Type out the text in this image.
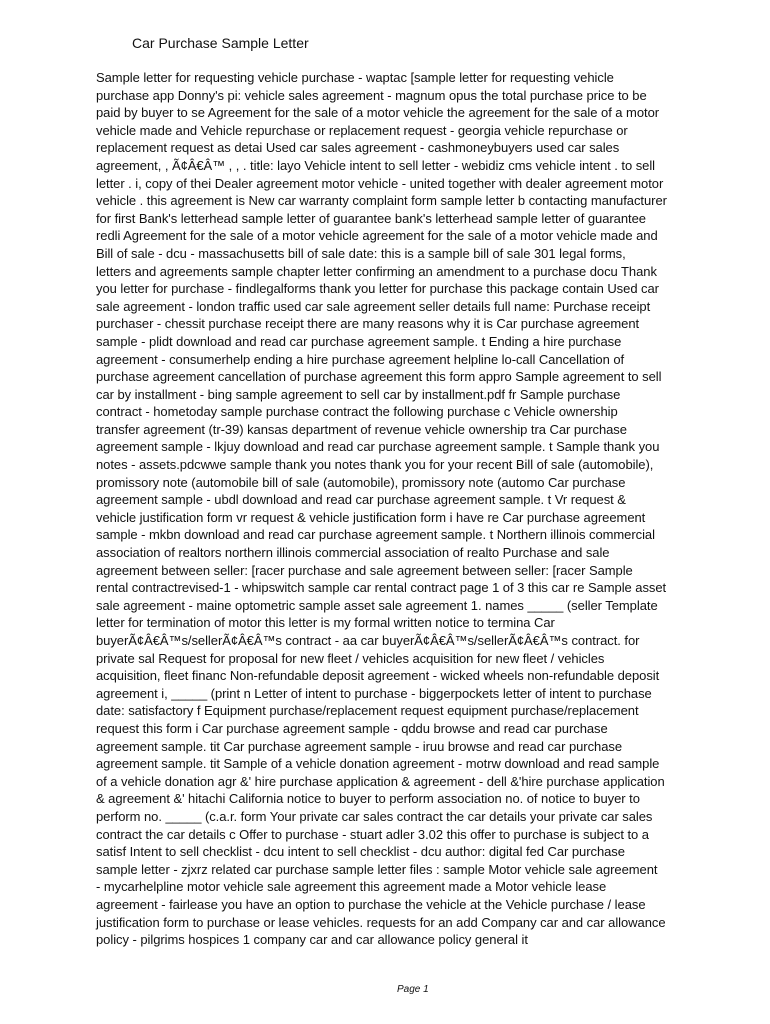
Car Purchase Sample Letter
Sample letter for requesting vehicle purchase - waptac [sample letter for requesting vehicle
purchase app Donny's pi: vehicle sales agreement - magnum opus the total purchase price to be
paid by buyer to se Agreement for the sale of a motor vehicle the agreement for the sale of a motor
vehicle made and Vehicle repurchase or replacement request - georgia vehicle repurchase or
replacement request as detai Used car sales agreement - cashmoneybuyers used car sales
agreement, , Ã¢Â€Â™ , , . title: layo Vehicle intent to sell letter - webidiz cms vehicle intent . to sell
letter . i, copy of thei Dealer agreement motor vehicle - united together with dealer agreement motor
vehicle . this agreement is New car warranty complaint form sample letter b contacting manufacturer
for first Bank's letterhead sample letter of guarantee bank's letterhead sample letter of guarantee
redli Agreement for the sale of a motor vehicle agreement for the sale of a motor vehicle made and
Bill of sale - dcu - massachusetts bill of sale date: this is a sample bill of sale 301 legal forms,
letters and agreements sample chapter letter confirming an amendment to a purchase docu Thank
you letter for purchase - findlegalforms thank you letter for purchase this package contain Used car
sale agreement - london traffic used car sale agreement seller details full name: Purchase receipt
purchaser - chessit purchase receipt there are many reasons why it is Car purchase agreement
sample - plidt download and read car purchase agreement sample. t Ending a hire purchase
agreement - consumerhelp ending a hire purchase agreement helpline lo-call Cancellation of
purchase agreement cancellation of purchase agreement this form appro Sample agreement to sell
car by installment - bing sample agreement to sell car by installment.pdf fr Sample purchase
contract - hometoday sample purchase contract the following purchase c Vehicle ownership
transfer agreement (tr-39) kansas department of revenue vehicle ownership tra Car purchase
agreement sample - lkjuy download and read car purchase agreement sample. t Sample thank you
notes - assets.pdcwwe sample thank you notes thank you for your recent Bill of sale (automobile),
promissory note (automobile bill of sale (automobile), promissory note (automo Car purchase
agreement sample - ubdl download and read car purchase agreement sample. t Vr request &
vehicle justification form vr request & vehicle justification form i have re Car purchase agreement
sample - mkbn download and read car purchase agreement sample. t Northern illinois commercial
association of realtors northern illinois commercial association of realto Purchase and sale
agreement between seller: [racer purchase and sale agreement between seller: [racer Sample
rental contractrevised-1 - whipswitch sample car rental contract page 1 of 3 this car re Sample asset
sale agreement - maine optometric sample asset sale agreement 1. names _____ (seller Template
letter for termination of motor this letter is my formal written notice to termina Car
buyerÃ¢Â€Â™s/sellerÃ¢Â€Â™s contract - aa car buyerÃ¢Â€Â™s/sellerÃ¢Â€Â™s contract. for
private sal Request for proposal for new fleet / vehicles acquisition for new fleet / vehicles
acquisition, fleet financ Non-refundable deposit agreement - wicked wheels non-refundable deposit
agreement i, _____ (print n Letter of intent to purchase - biggerpockets letter of intent to purchase
date: satisfactory f Equipment purchase/replacement request equipment purchase/replacement
request this form i Car purchase agreement sample - qddu browse and read car purchase
agreement sample. tit Car purchase agreement sample - iruu browse and read car purchase
agreement sample. tit Sample of a vehicle donation agreement - motrw download and read sample
of a vehicle donation agr &' hire purchase application & agreement - dell &'hire purchase application
& agreement &' hitachi California notice to buyer to perform association no. of notice to buyer to
perform no. _____ (c.a.r. form Your private car sales contract the car details your private car sales
contract the car details c Offer to purchase - stuart adler 3.02 this offer to purchase is subject to a
satisf Intent to sell checklist - dcu intent to sell checklist - dcu author: digital fed Car purchase
sample letter - zjxrz related car purchase sample letter files : sample Motor vehicle sale agreement
- mycarhelpline motor vehicle sale agreement this agreement made a Motor vehicle lease
agreement - fairlease you have an option to purchase the vehicle at the Vehicle purchase / lease
justification form to purchase or lease vehicles. requests for an add Company car and car allowance
policy - pilgrims hospices 1 company car and car allowance policy general it
Page 1
